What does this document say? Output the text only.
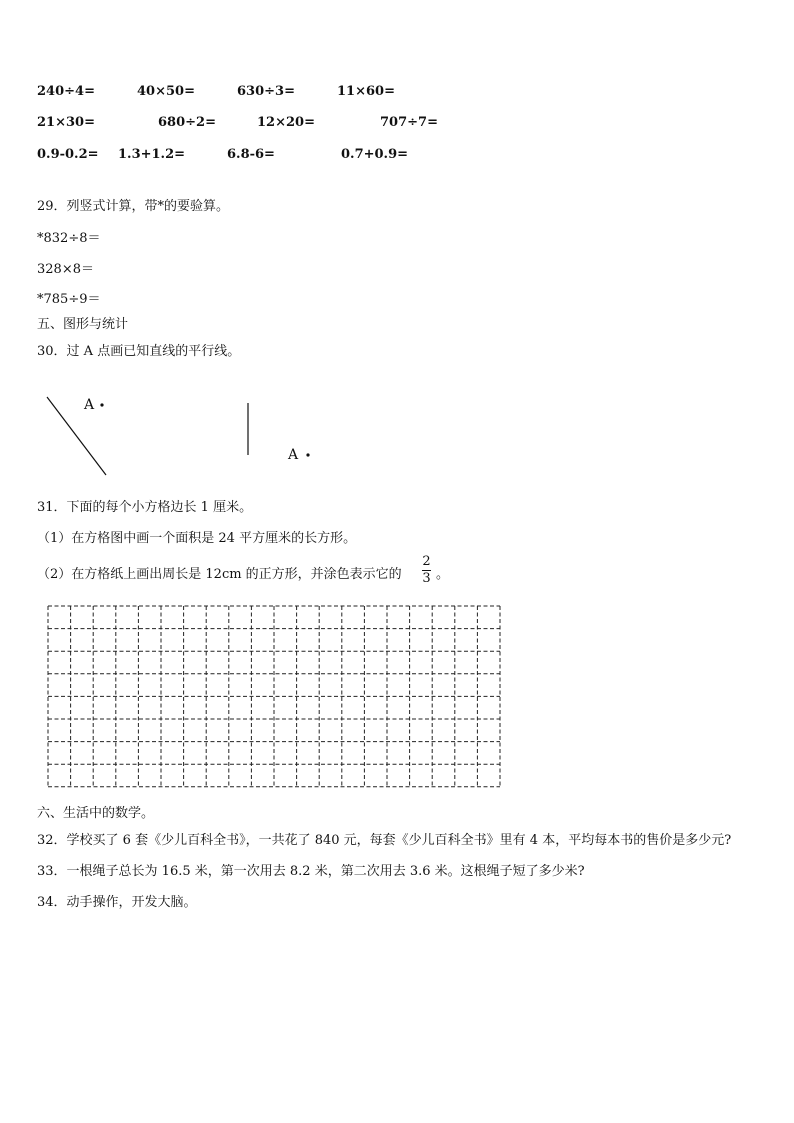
240÷4=	40×50=	630÷3=	11×60=
21×30=	680÷2=	12×20=	707÷7=
0.9-0.2= 1.3+1.2=	6.8-6=	0.7+0.9=
29．列竖式计算，带*的要验算。
*832÷8＝
328×8＝
*785÷9＝
五、图形与统计
30．过 A 点画已知直线的平行线。
A
A
31．下面的每个小方格边长 1 厘米。
（1）在方格图中画一个面积是 24 平方厘米的长方形。
（2）在方格纸上画出周长是 12cm 的正方形，并涂色表示它的
2
3 。
六、生活中的数学。
32．学校买了 6 套《少儿百科全书》，一共花了 840 元，每套《少儿百科全书》里有 4 本，平均每本书的售价是多少元?
33．一根绳子总长为 16.5 米，第一次用去 8.2 米，第二次用去 3.6 米。这根绳子短了多少米?
34．动手操作，开发大脑。
